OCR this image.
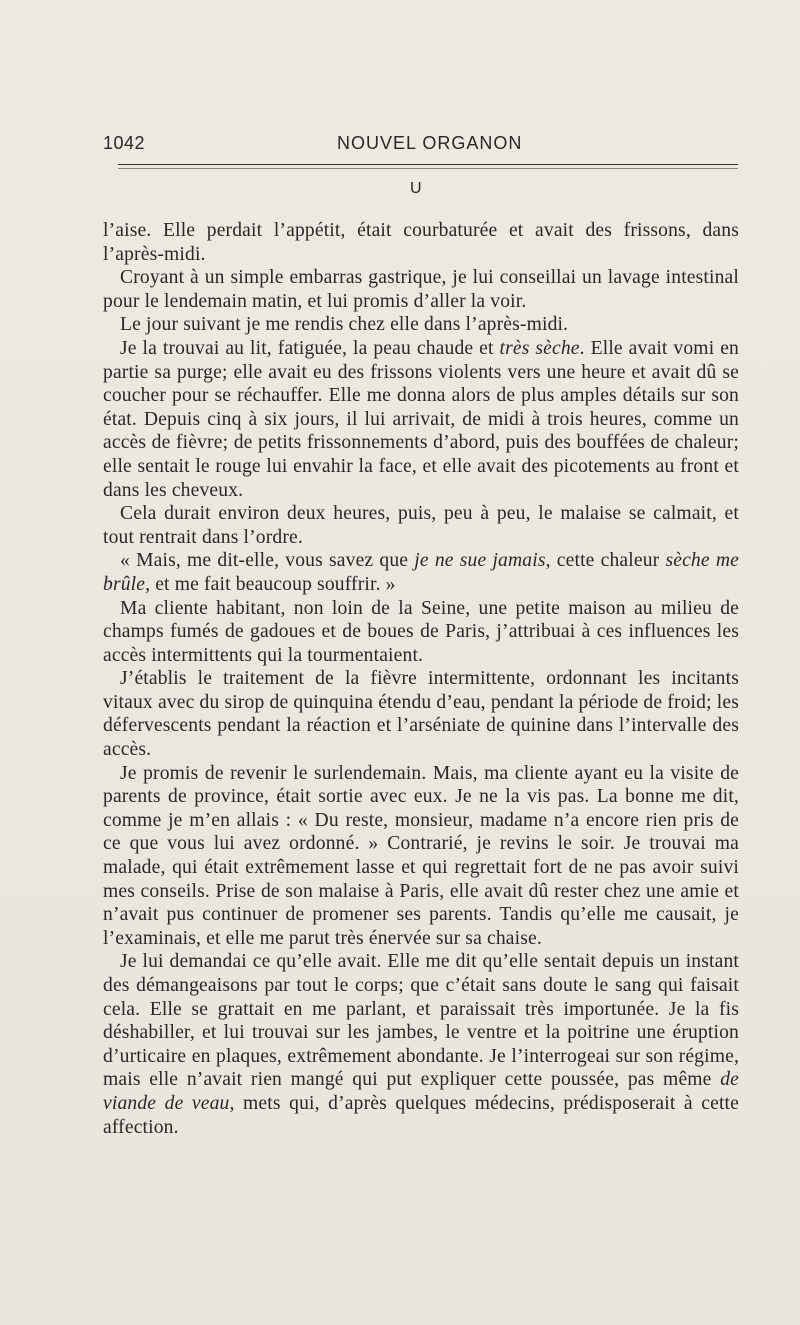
1042	NOUVEL ORGANON
U

l’aise. Elle perdait l’appétit, était courbaturée et avait des frissons, dans l’après-midi.

Croyant à un simple embarras gastrique, je lui conseillai un lavage intestinal pour le lendemain matin, et lui promis d’aller la voir.

Le jour suivant je me rendis chez elle dans l’après-midi.

Je la trouvai au lit, fatiguée, la peau chaude et très sèche. Elle avait vomi en partie sa purge; elle avait eu des frissons violents vers une heure et avait dû se coucher pour se réchauffer. Elle me donna alors de plus amples détails sur son état. Depuis cinq à six jours, il lui arrivait, de midi à trois heures, comme un accès de fièvre; de petits frissonnements d’abord, puis des bouffées de chaleur; elle sentait le rouge lui envahir la face, et elle avait des picotements au front et dans les cheveux.

Cela durait environ deux heures, puis, peu à peu, le malaise se calmait, et tout rentrait dans l’ordre.

« Mais, me dit-elle, vous savez que je ne sue jamais, cette chaleur sèche me brûle, et me fait beaucoup souffrir. »

Ma cliente habitant, non loin de la Seine, une petite maison au milieu de champs fumés de gadoues et de boues de Paris, j’attribuai à ces influences les accès intermittents qui la tourmentaient.

J’établis le traitement de la fièvre intermittente, ordonnant les incitants vitaux avec du sirop de quinquina étendu d’eau, pendant la période de froid; les défervescents pendant la réaction et l’arséniate de quinine dans l’intervalle des accès.

Je promis de revenir le surlendemain. Mais, ma cliente ayant eu la visite de parents de province, était sortie avec eux. Je ne la vis pas. La bonne me dit, comme je m’en allais : « Du reste, monsieur, madame n’a encore rien pris de ce que vous lui avez ordonné. » Contrarié, je revins le soir. Je trouvai ma malade, qui était extrêmement lasse et qui regrettait fort de ne pas avoir suivi mes conseils. Prise de son malaise à Paris, elle avait dû rester chez une amie et n’avait pus continuer de promener ses parents. Tandis qu’elle me causait, je l’examinais, et elle me parut très énervée sur sa chaise.

Je lui demandai ce qu’elle avait. Elle me dit qu’elle sentait depuis un instant des démangeaisons par tout le corps; que c’était sans doute le sang qui faisait cela. Elle se grattait en me parlant, et paraissait très importunée. Je la fis déshabiller, et lui trouvai sur les jambes, le ventre et la poitrine une éruption d’urticaire en plaques, extrêmement abondante. Je l’interrogeai sur son régime, mais elle n’avait rien mangé qui put expliquer cette poussée, pas même de viande de veau, mets qui, d’après quelques médecins, prédisposerait à cette affection.
